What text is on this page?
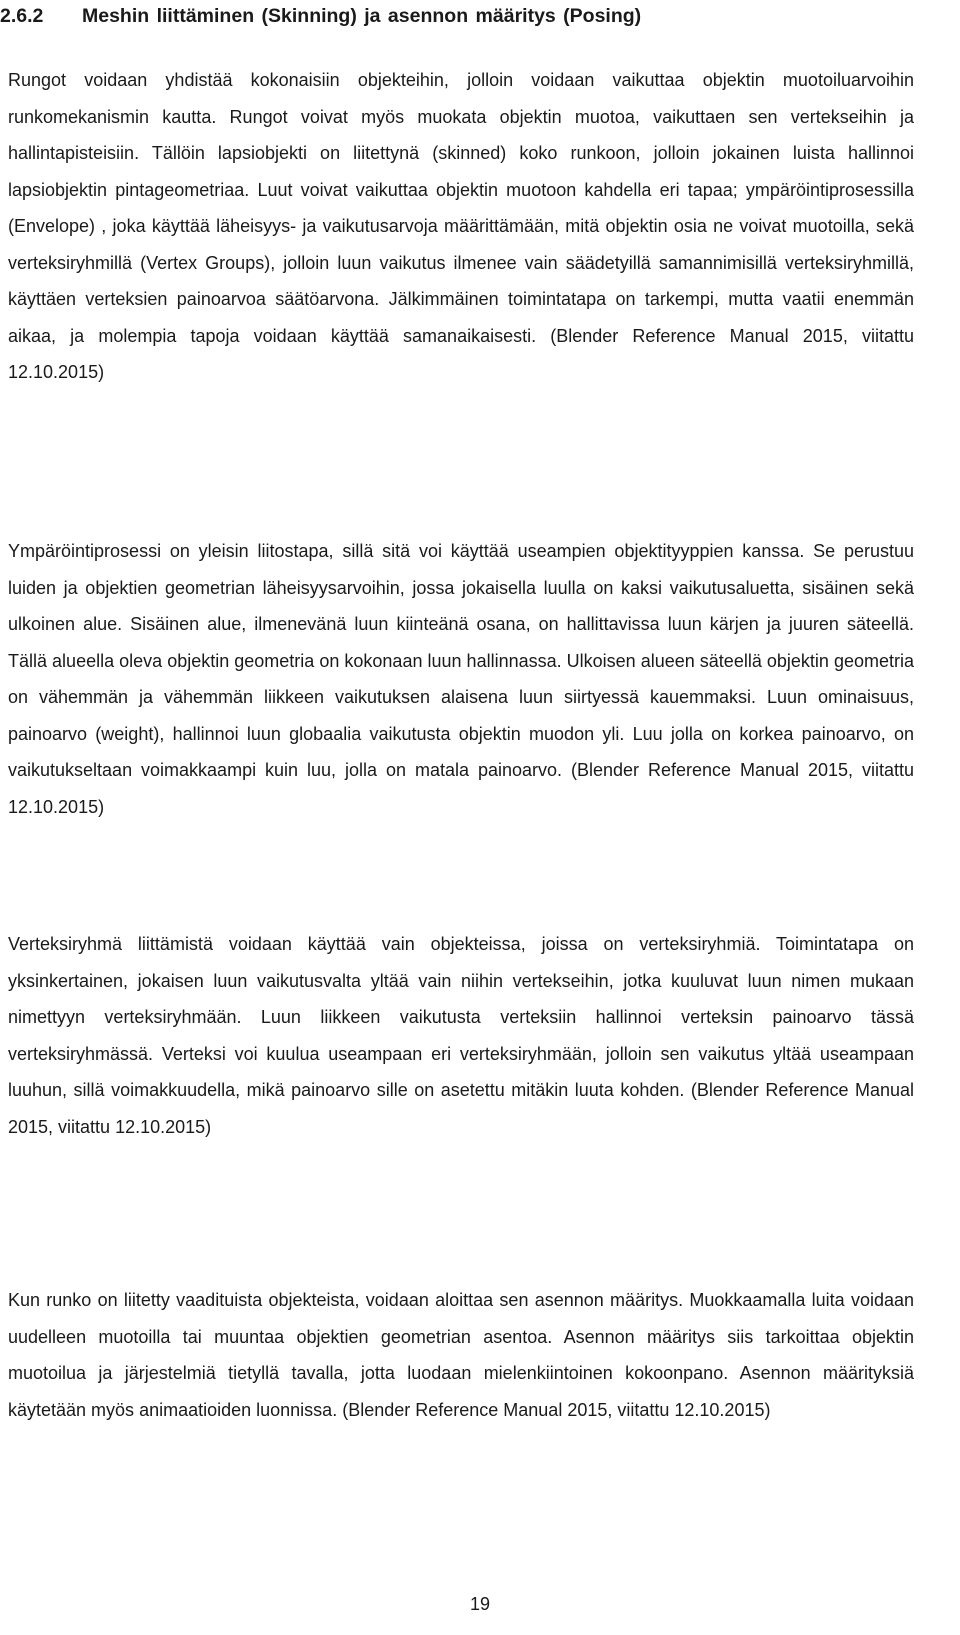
2.6.2 Meshin liittäminen (Skinning) ja asennon määritys (Posing)

Rungot voidaan yhdistää kokonaisiin objekteihin, jolloin voidaan vaikuttaa objektin muotoiluarvoihin runkomekanismin kautta. Rungot voivat myös muokata objektin muotoa, vaikuttaen sen vertekseihin ja hallintapisteisiin. Tällöin lapsiobjekti on liitettynä (skinned) koko runkoon, jolloin jokainen luista hallinnoi lapsiobjektin pintageometriaa. Luut voivat vaikuttaa objektin muotoon kahdella eri tapaa; ympäröintiprosessilla (Envelope) , joka käyttää läheisyys- ja vaikutusarvoja määrittämään, mitä objektin osia ne voivat muotoilla, sekä verteksiryhmillä (Vertex Groups), jolloin luun vaikutus ilmenee vain säädetyillä samannimisillä verteksiryhmillä, käyttäen verteksien painoarvoa säätöarvona. Jälkimmäinen toimintatapa on tarkempi, mutta vaatii enemmän aikaa, ja molempia tapoja voidaan käyttää samanaikaisesti. (Blender Reference Manual 2015, viitattu 12.10.2015)

Ympäröintiprosessi on yleisin liitostapa, sillä sitä voi käyttää useampien objektityyppien kanssa. Se perustuu luiden ja objektien geometrian läheisyysarvoihin, jossa jokaisella luulla on kaksi vaikutusaluetta, sisäinen sekä ulkoinen alue. Sisäinen alue, ilmenevänä luun kiinteänä osana, on hallittavissa luun kärjen ja juuren säteellä. Tällä alueella oleva objektin geometria on kokonaan luun hallinnassa. Ulkoisen alueen säteellä objektin geometria on vähemmän ja vähemmän liikkeen vaikutuksen alaisena luun siirtyessä kauemmaksi. Luun ominaisuus, painoarvo (weight), hallinnoi luun globaalia vaikutusta objektin muodon yli. Luu jolla on korkea painoarvo, on vaikutukseltaan voimakkaampi kuin luu, jolla on matala painoarvo. (Blender Reference Manual 2015, viitattu 12.10.2015)

Verteksiryhmä liittämistä voidaan käyttää vain objekteissa, joissa on verteksiryhmiä. Toimintatapa on yksinkertainen, jokaisen luun vaikutusvalta yltää vain niihin vertekseihin, jotka kuuluvat luun nimen mukaan nimettyyn verteksiryhmään. Luun liikkeen vaikutusta verteksiin hallinnoi verteksin painoarvo tässä verteksiryhmässä. Verteksi voi kuulua useampaan eri verteksiryhmään, jolloin sen vaikutus yltää useampaan luuhun, sillä voimakkuudella, mikä painoarvo sille on asetettu mitäkin luuta kohden. (Blender Reference Manual 2015, viitattu 12.10.2015)

Kun runko on liitetty vaadituista objekteista, voidaan aloittaa sen asennon määritys. Muokkaamalla luita voidaan uudelleen muotoilla tai muuntaa objektien geometrian asentoa. Asennon määritys siis tarkoittaa objektin muotoilua ja järjestelmiä tietyllä tavalla, jotta luodaan mielenkiintoinen kokoonpano. Asennon määrityksiä käytetään myös animaatioiden luonnissa. (Blender Reference Manual 2015, viitattu 12.10.2015)

19
